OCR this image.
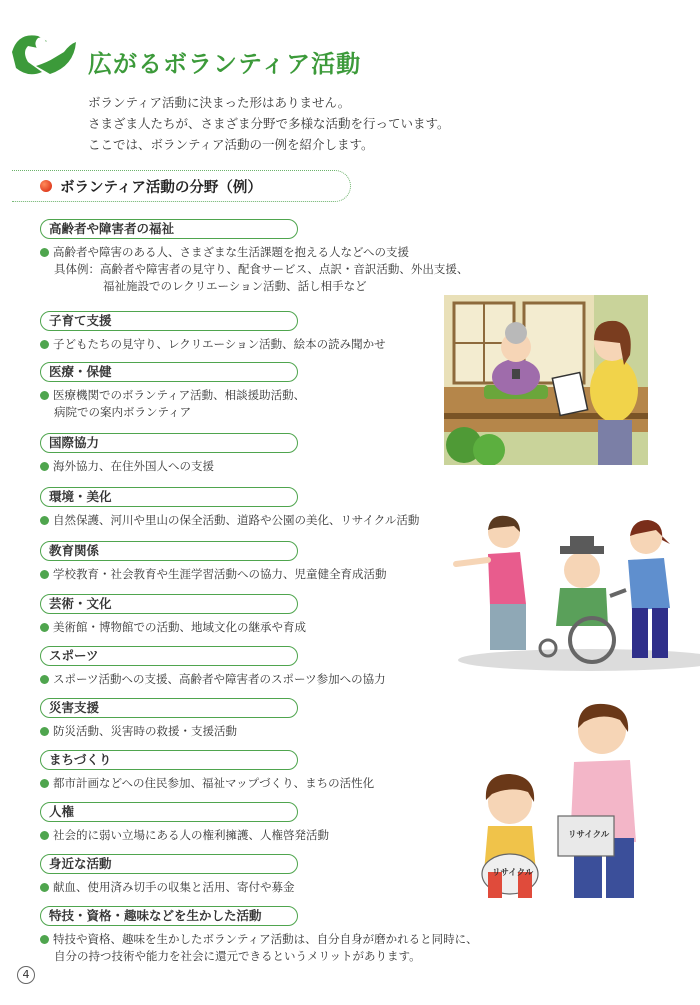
広がるボランティア活動
ボランティア活動に決まった形はありません。
さまざま人たちが、さまざま分野で多様な活動を行っています。
ここでは、ボランティア活動の一例を紹介します。
ボランティア活動の分野（例）
高齢者や障害者の福祉
高齢者や障害のある人、さまざまな生活課題を抱える人などへの支援
具体例：高齢者や障害者の見守り、配食サービス、点訳・音訳活動、外出支援、
福祉施設でのレクリエーション活動、話し相手など
子育て支援
子どもたちの見守り、レクリエーション活動、絵本の読み聞かせ
医療・保健
医療機関でのボランティア活動、相談援助活動、
病院での案内ボランティア
国際協力
海外協力、在住外国人への支援
環境・美化
自然保護、河川や里山の保全活動、道路や公園の美化、リサイクル活動
教育関係
学校教育・社会教育や生涯学習活動への協力、児童健全育成活動
芸術・文化
美術館・博物館での活動、地域文化の継承や育成
スポーツ
スポーツ活動への支援、高齢者や障害者のスポーツ参加への協力
災害支援
防災活動、災害時の救援・支援活動
まちづくり
都市計画などへの住民参加、福祉マップづくり、まちの活性化
人権
社会的に弱い立場にある人の権利擁護、人権啓発活動
身近な活動
献血、使用済み切手の収集と活用、寄付や募金
特技・資格・趣味などを生かした活動
特技や資格、趣味を生かしたボランティア活動は、自分自身が磨かれると同時に、
自分の持つ技術や能力を社会に還元できるというメリットがあります。
リサイクル
リサイクル
4
